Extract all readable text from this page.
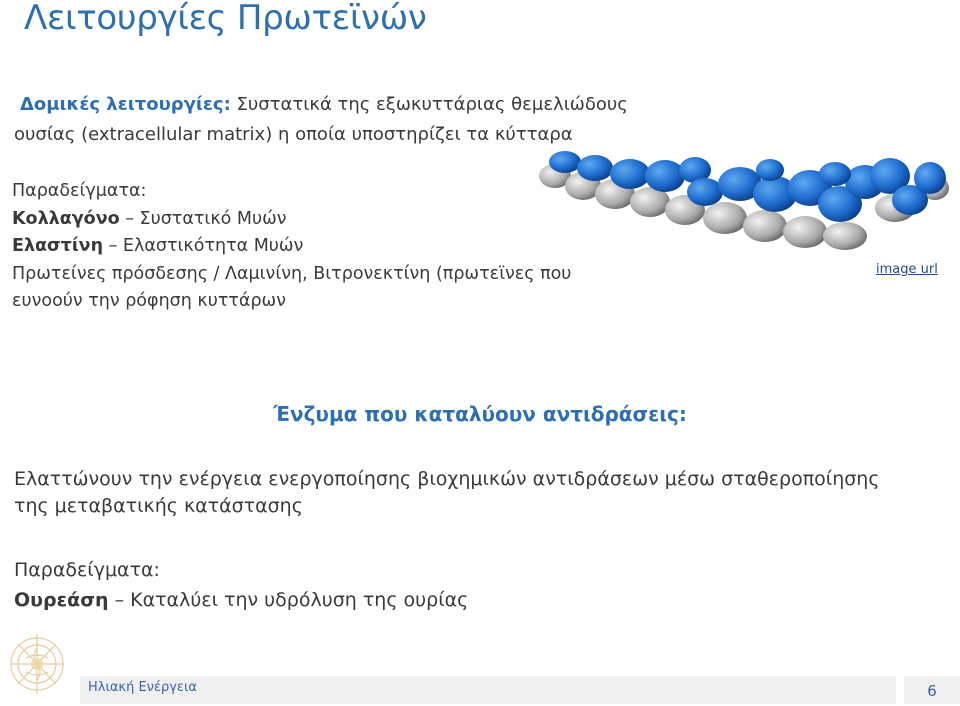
Λειτουργίες Πρωτεϊνών

Δομικές λειτουργίες: Συστατικά της εξωκυττάριας θεμελιώδους

ουσίας (extracellular matrix) η οποία υποστηρίζει τα κύτταρα

Παραδείγματα:

Κολλαγόνο – Συστατικό Μυών

Ελαστίνη – Ελαστικότητα Μυών

Πρωτείνες πρόσδεσης / Λαμινίνη, Βιτρονεκτίνη (πρωτεϊνες που

ευνοούν την ρόφηση κυττάρων

image url
Ένζυμα που καταλύουν αντιδράσεις:

Ελαττώνουν την ενέργεια ενεργοποίησης βιοχημικών αντιδράσεων μέσω σταθεροποίησης

της μεταβατικής κατάστασης

Παραδείγματα:

Ουρεάση – Καταλύει την υδρόλυση της ουρίας

Ηλιακή Ενέργεια	6
